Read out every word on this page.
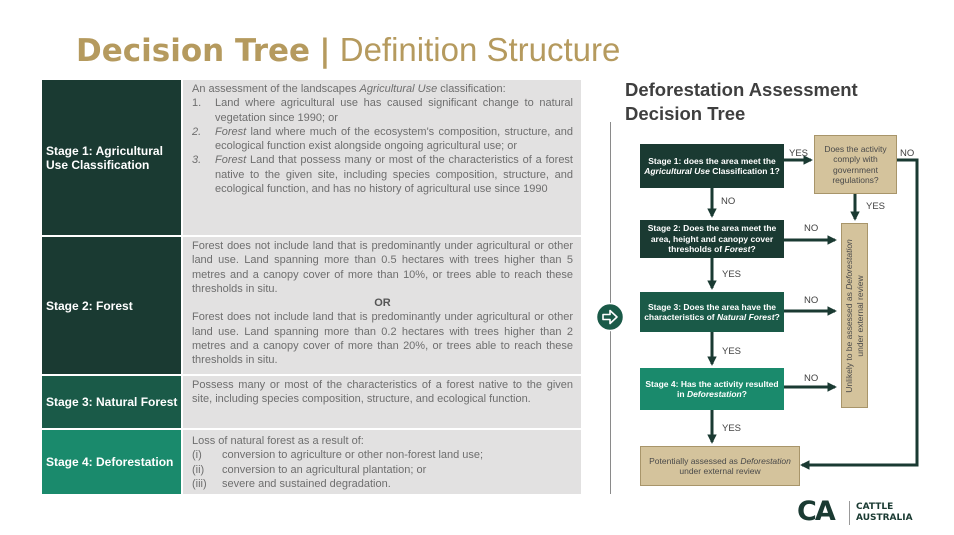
Decision Tree | Definition Structure
Stage 1: Agricultural Use Classification

An assessment of the landscapes Agricultural Use classification:

1.	Land where agricultural use has caused significant change to natural vegetation since 1990; or
2.	Forest land where much of the ecosystem's composition, structure, and ecological function exist alongside ongoing agricultural use; or
3.	Forest Land that possess many or most of the characteristics of a forest native to the given site, including species composition, structure, and ecological function, and has no history of agricultural use since 1990
Stage 2: Forest

Forest does not include land that is predominantly under agricultural or other land use. Land spanning more than 0.5 hectares with trees higher than 5 metres and a canopy cover of more than 10%, or trees able to reach these thresholds in situ.

OR

Forest does not include land that is predominantly under agricultural or other land use. Land spanning more than 0.2 hectares with trees higher than 2 metres and a canopy cover of more than 20%, or trees able to reach these thresholds in situ.

Stage 3: Natural Forest

Possess many or most of the characteristics of a forest native to the given site, including species composition, structure, and ecological function.

Stage 4: Deforestation

Loss of natural forest as a result of:

(i)	conversion to agriculture or other non-forest land use;
(ii)	conversion to an agricultural plantation; or
(iii)	severe and sustained degradation.
Deforestation Assessment Decision Tree
Stage 1: does the area meet the Agricultural Use Classification 1?
Stage 2: Does the area meet the area, height and canopy cover thresholds of Forest?
Stage 3: Does the area have the characteristics of Natural Forest?
Stage 4: Has the activity resulted in Deforestation?
Does the activity comply with government regulations?
Unlikely to be assessed as Deforestation
under external review
Potentially assessed as Deforestation under external review
YES	NO
NO	YES
NO
YES
NO
YES
NO
YES
CA CATTLE
AUSTRALIA
